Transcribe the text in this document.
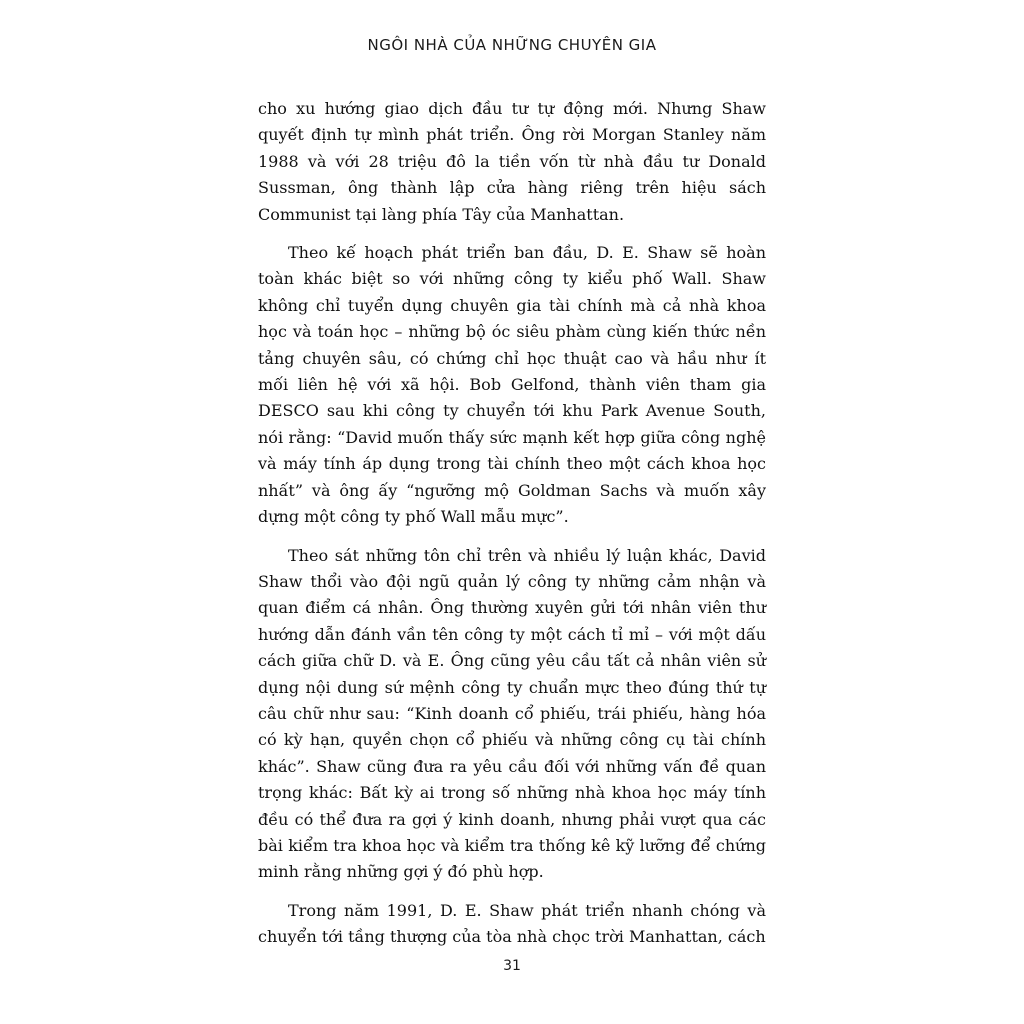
NGÔI NHÀ CỦA NHỮNG CHUYÊN GIA

cho xu hướng giao dịch đầu tư tự động mới. Nhưng Shaw quyết định tự mình phát triển. Ông rời Morgan Stanley năm 1988 và với 28 triệu đô la tiền vốn từ nhà đầu tư Donald Sussman, ông thành lập cửa hàng riêng trên hiệu sách Communist tại làng phía Tây của Manhattan.

Theo kế hoạch phát triển ban đầu, D. E. Shaw sẽ hoàn toàn khác biệt so với những công ty kiểu phố Wall. Shaw không chỉ tuyển dụng chuyên gia tài chính mà cả nhà khoa học và toán học – những bộ óc siêu phàm cùng kiến thức nền tảng chuyên sâu, có chứng chỉ học thuật cao và hầu như ít mối liên hệ với xã hội. Bob Gelfond, thành viên tham gia DESCO sau khi công ty chuyển tới khu Park Avenue South, nói rằng: “David muốn thấy sức mạnh kết hợp giữa công nghệ và máy tính áp dụng trong tài chính theo một cách khoa học nhất” và ông ấy “ngưỡng mộ Goldman Sachs và muốn xây dựng một công ty phố Wall mẫu mực”.

Theo sát những tôn chỉ trên và nhiều lý luận khác, David Shaw thổi vào đội ngũ quản lý công ty những cảm nhận và quan điểm cá nhân. Ông thường xuyên gửi tới nhân viên thư hướng dẫn đánh vần tên công ty một cách tỉ mỉ – với một dấu cách giữa chữ D. và E. Ông cũng yêu cầu tất cả nhân viên sử dụng nội dung sứ mệnh công ty chuẩn mực theo đúng thứ tự câu chữ như sau: “Kinh doanh cổ phiếu, trái phiếu, hàng hóa có kỳ hạn, quyền chọn cổ phiếu và những công cụ tài chính khác”. Shaw cũng đưa ra yêu cầu đối với những vấn đề quan trọng khác: Bất kỳ ai trong số những nhà khoa học máy tính đều có thể đưa ra gợi ý kinh doanh, nhưng phải vượt qua các bài kiểm tra khoa học và kiểm tra thống kê kỹ lưỡng để chứng minh rằng những gợi ý đó phù hợp.

Trong năm 1991, D. E. Shaw phát triển nhanh chóng và chuyển tới tầng thượng của tòa nhà chọc trời Manhattan, cách

31
